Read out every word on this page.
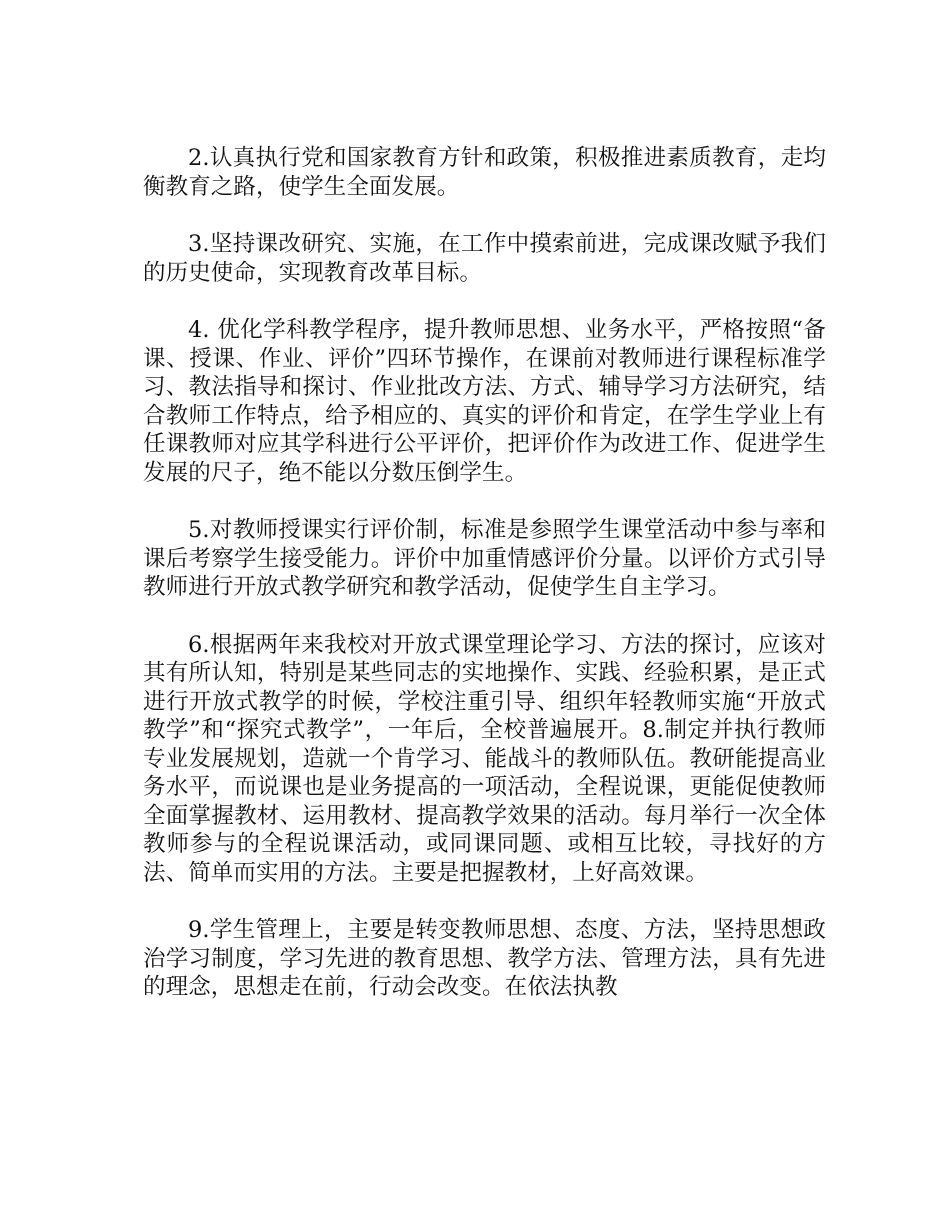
2.认真执行党和国家教育方针和政策，积极推进素质教育，走均衡教育之路，使学生全面发展。

3.坚持课改研究、实施，在工作中摸索前进，完成课改赋予我们的历史使命，实现教育改革目标。

4. 优化学科教学程序，提升教师思想、业务水平，严格按照“备课、授课、作业、评价”四环节操作，在课前对教师进行课程标准学习、教法指导和探讨、作业批改方法、方式、辅导学习方法研究，结合教师工作特点，给予相应的、真实的评价和肯定，在学生学业上有任课教师对应其学科进行公平评价，把评价作为改进工作、促进学生发展的尺子，绝不能以分数压倒学生。

5.对教师授课实行评价制，标准是参照学生课堂活动中参与率和课后考察学生接受能力。评价中加重情感评价分量。以评价方式引导教师进行开放式教学研究和教学活动，促使学生自主学习。

6.根据两年来我校对开放式课堂理论学习、方法的探讨，应该对其有所认知，特别是某些同志的实地操作、实践、经验积累，是正式进行开放式教学的时候，学校注重引导、组织年轻教师实施“开放式教学”和“探究式教学”，一年后，全校普遍展开。8.制定并执行教师专业发展规划，造就一个肯学习、能战斗的教师队伍。教研能提高业务水平，而说课也是业务提高的一项活动，全程说课，更能促使教师全面掌握教材、运用教材、提高教学效果的活动。每月举行一次全体教师参与的全程说课活动，或同课同题、或相互比较，寻找好的方法、简单而实用的方法。主要是把握教材，上好高效课。

9.学生管理上，主要是转变教师思想、态度、方法，坚持思想政治学习制度，学习先进的教育思想、教学方法、管理方法，具有先进的理念，思想走在前，行动会改变。在依法执教
